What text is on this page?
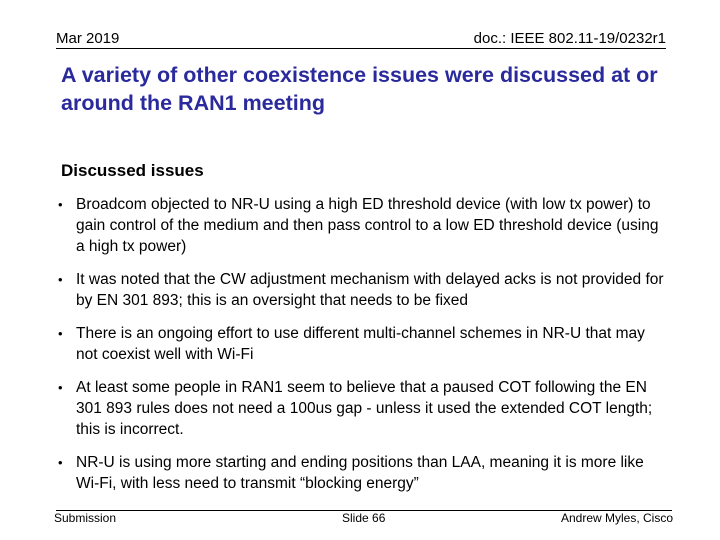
Mar 2019	doc.: IEEE 802.11-19/0232r1
A variety of other coexistence issues were discussed at or around the RAN1 meeting
Discussed issues
• Broadcom objected to NR-U using a high ED threshold device (with low tx power) to gain control of the medium and then pass control to a low ED threshold device (using a high tx power)
• It was noted that the CW adjustment mechanism with delayed acks is not provided for by EN 301 893; this is an oversight that needs to be fixed
• There is an ongoing effort to use different multi-channel schemes in NR-U that may not coexist well with Wi-Fi
• At least some people in RAN1 seem to believe that a paused COT following the EN 301 893 rules does not need a 100us gap - unless it used the extended COT length; this is incorrect.
• NR-U is using more starting and ending positions than LAA, meaning it is more like Wi-Fi, with less need to transmit “blocking energy”
Submission	Slide 66	Andrew Myles, Cisco
